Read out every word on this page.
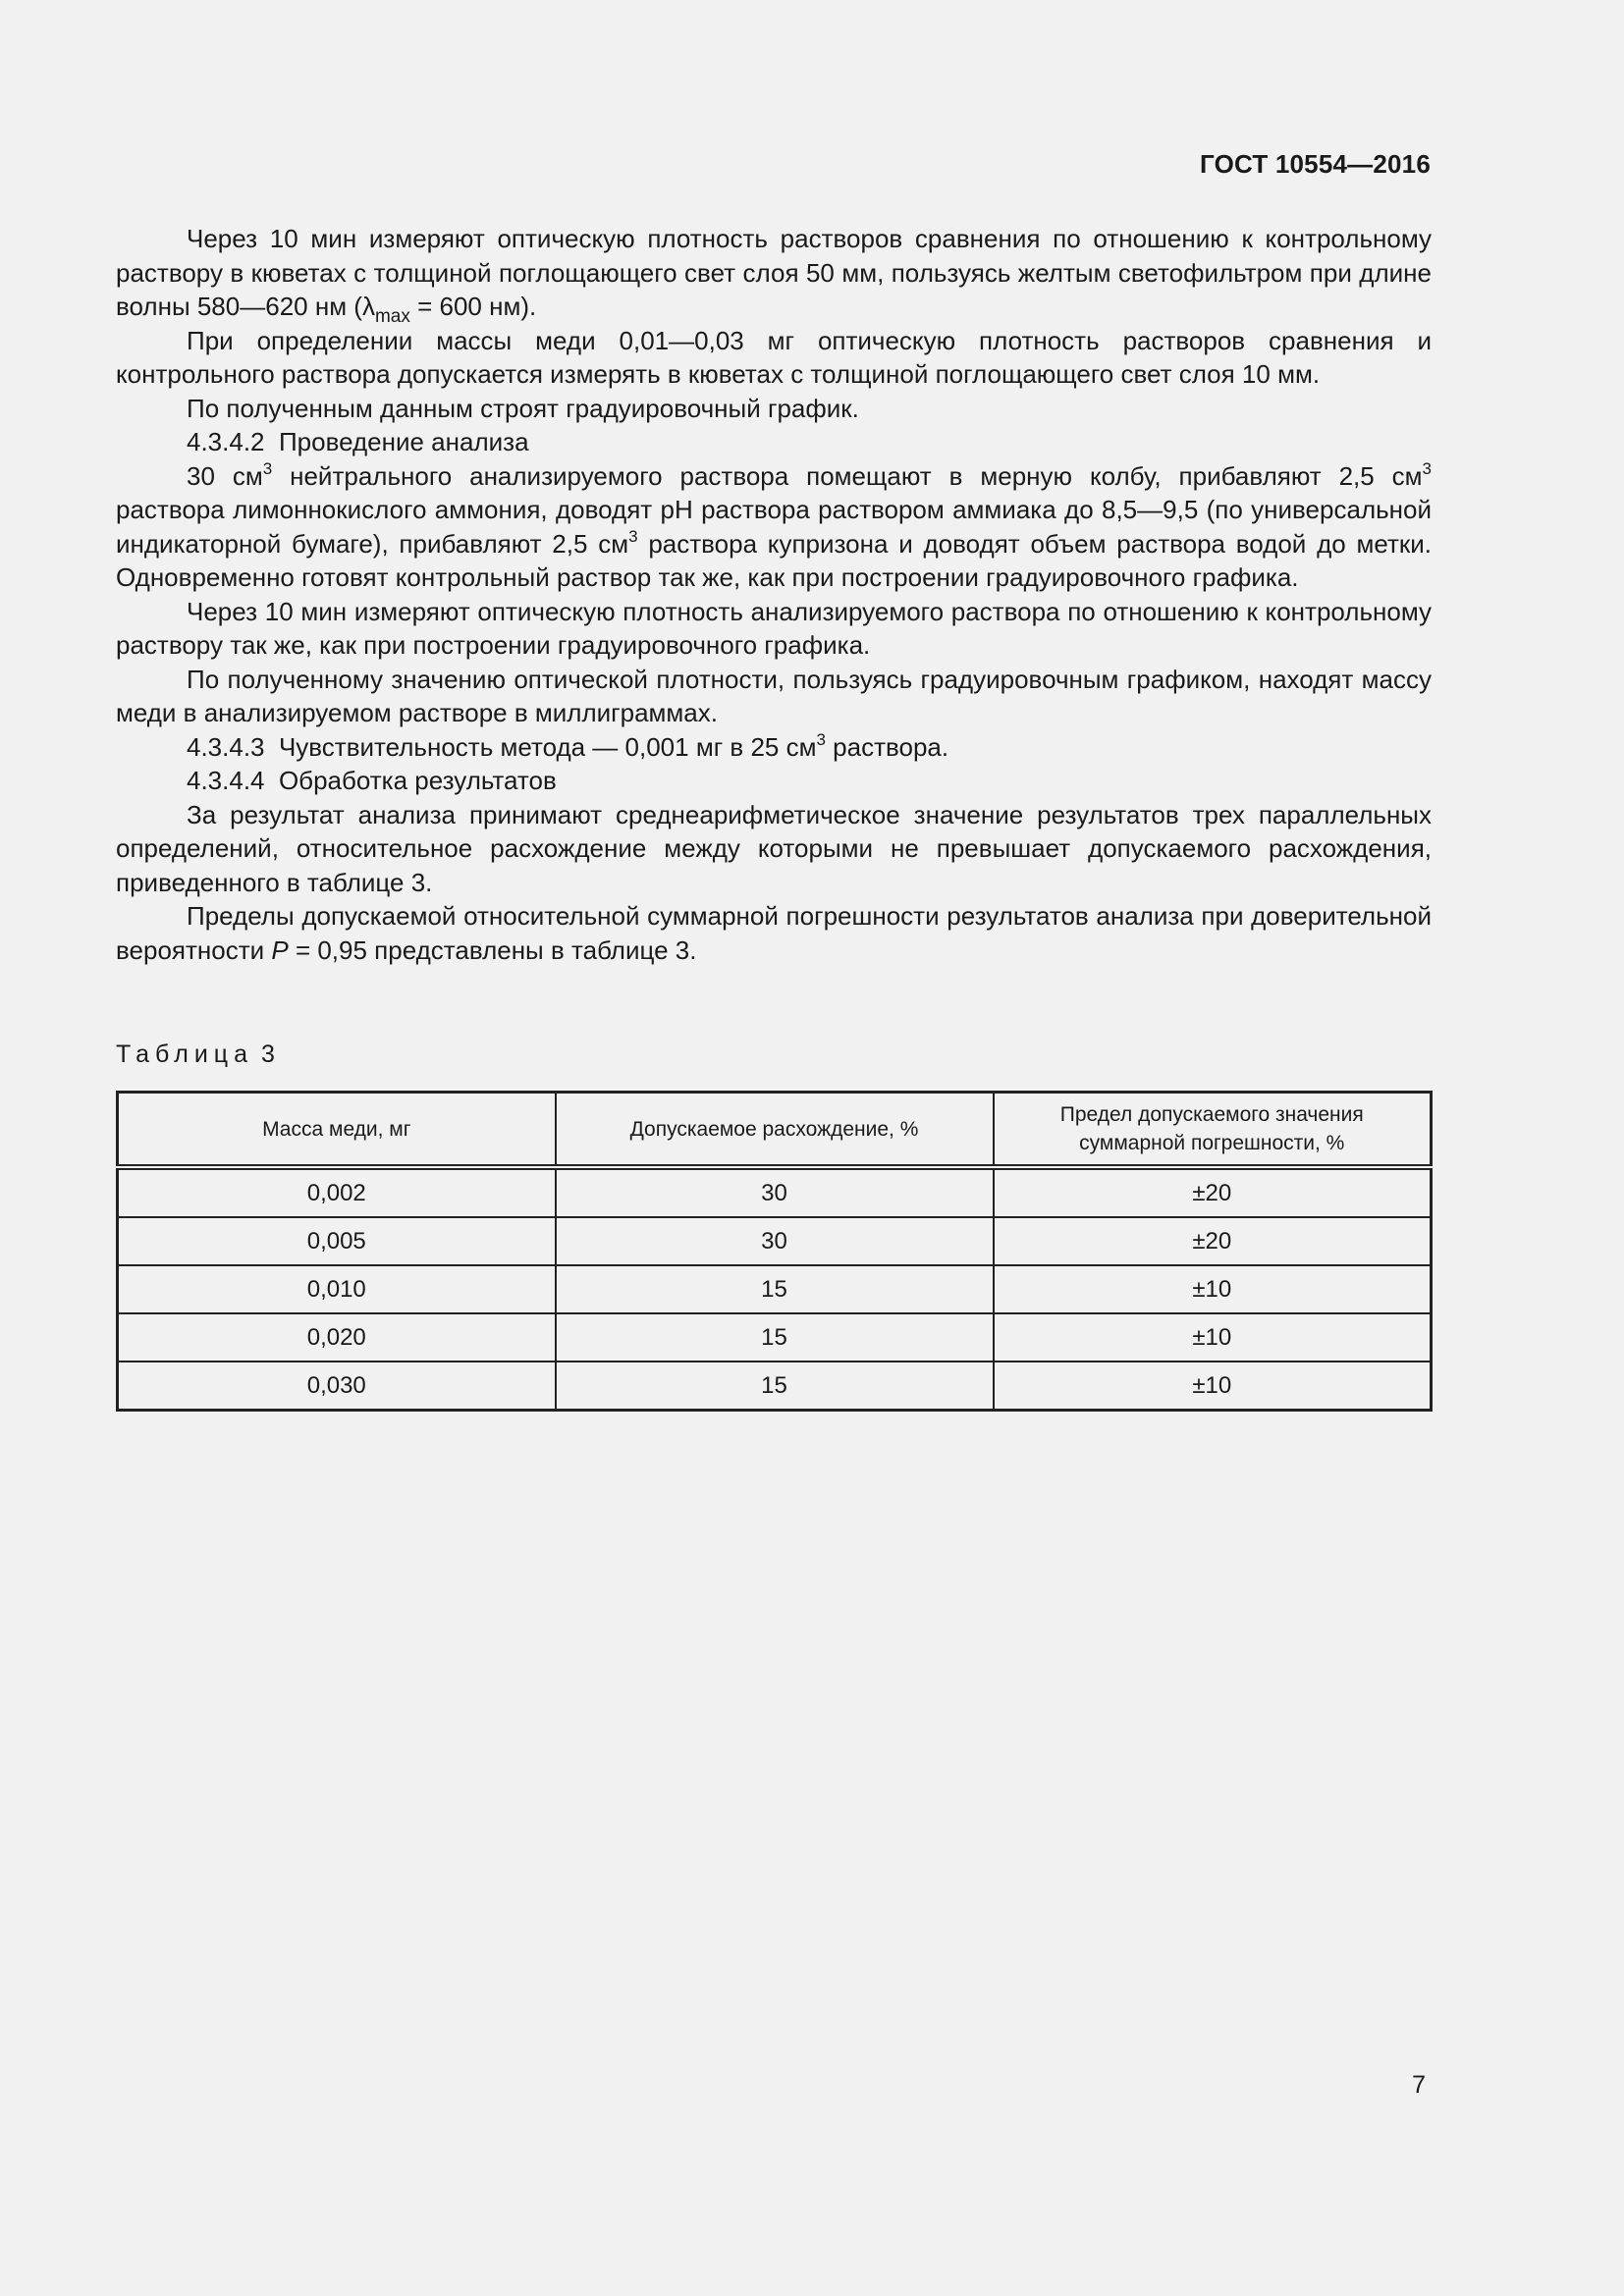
ГОСТ 10554—2016

Через 10 мин измеряют оптическую плотность растворов сравнения по отношению к контрольному раствору в кюветах с толщиной поглощающего свет слоя 50 мм, пользуясь желтым светофильтром при длине волны 580—620 нм ($\lambda_{max} = 600$ нм).

При определении массы меди 0,01—0,03 мг оптическую плотность растворов сравнения и контрольного раствора допускается измерять в кюветах с толщиной поглощающего свет слоя 10 мм.

По полученным данным строят градуировочный график.

4.3.4.2  Проведение анализа

30 $см^3$ нейтрального анализируемого раствора помещают в мерную колбу, прибавляют 2,5 $см^3$ раствора лимоннокислого аммония, доводят pH раствора раствором аммиака до 8,5—9,5 (по универсальной индикаторной бумаге), прибавляют 2,5 $см^3$ раствора купризона и доводят объем раствора водой до метки. Одновременно готовят контрольный раствор так же, как при построении градуировочного графика.

Через 10 мин измеряют оптическую плотность анализируемого раствора по отношению к контрольному раствору так же, как при построении градуировочного графика.

По полученному значению оптической плотности, пользуясь градуировочным графиком, находят массу меди в анализируемом растворе в миллиграммах.

4.3.4.3  Чувствительность метода — 0,001 мг в 25 $см^3$ раствора.

4.3.4.4  Обработка результатов

За результат анализа принимают среднеарифметическое значение результатов трех параллельных определений, относительное расхождение между которыми не превышает допускаемого расхождения, приведенного в таблице 3.

Пределы допускаемой относительной суммарной погрешности результатов анализа при доверительной вероятности P = 0,95 представлены в таблице 3.

Таблица 3
Масса меди, мг	Допускаемое расхождение, %	Предел допускаемого значения суммарной погрешности, %
0,002	30	±20
0,005	30	±20
0,010	15	±10
0,020	15	±10
0,030	15	±10
7
